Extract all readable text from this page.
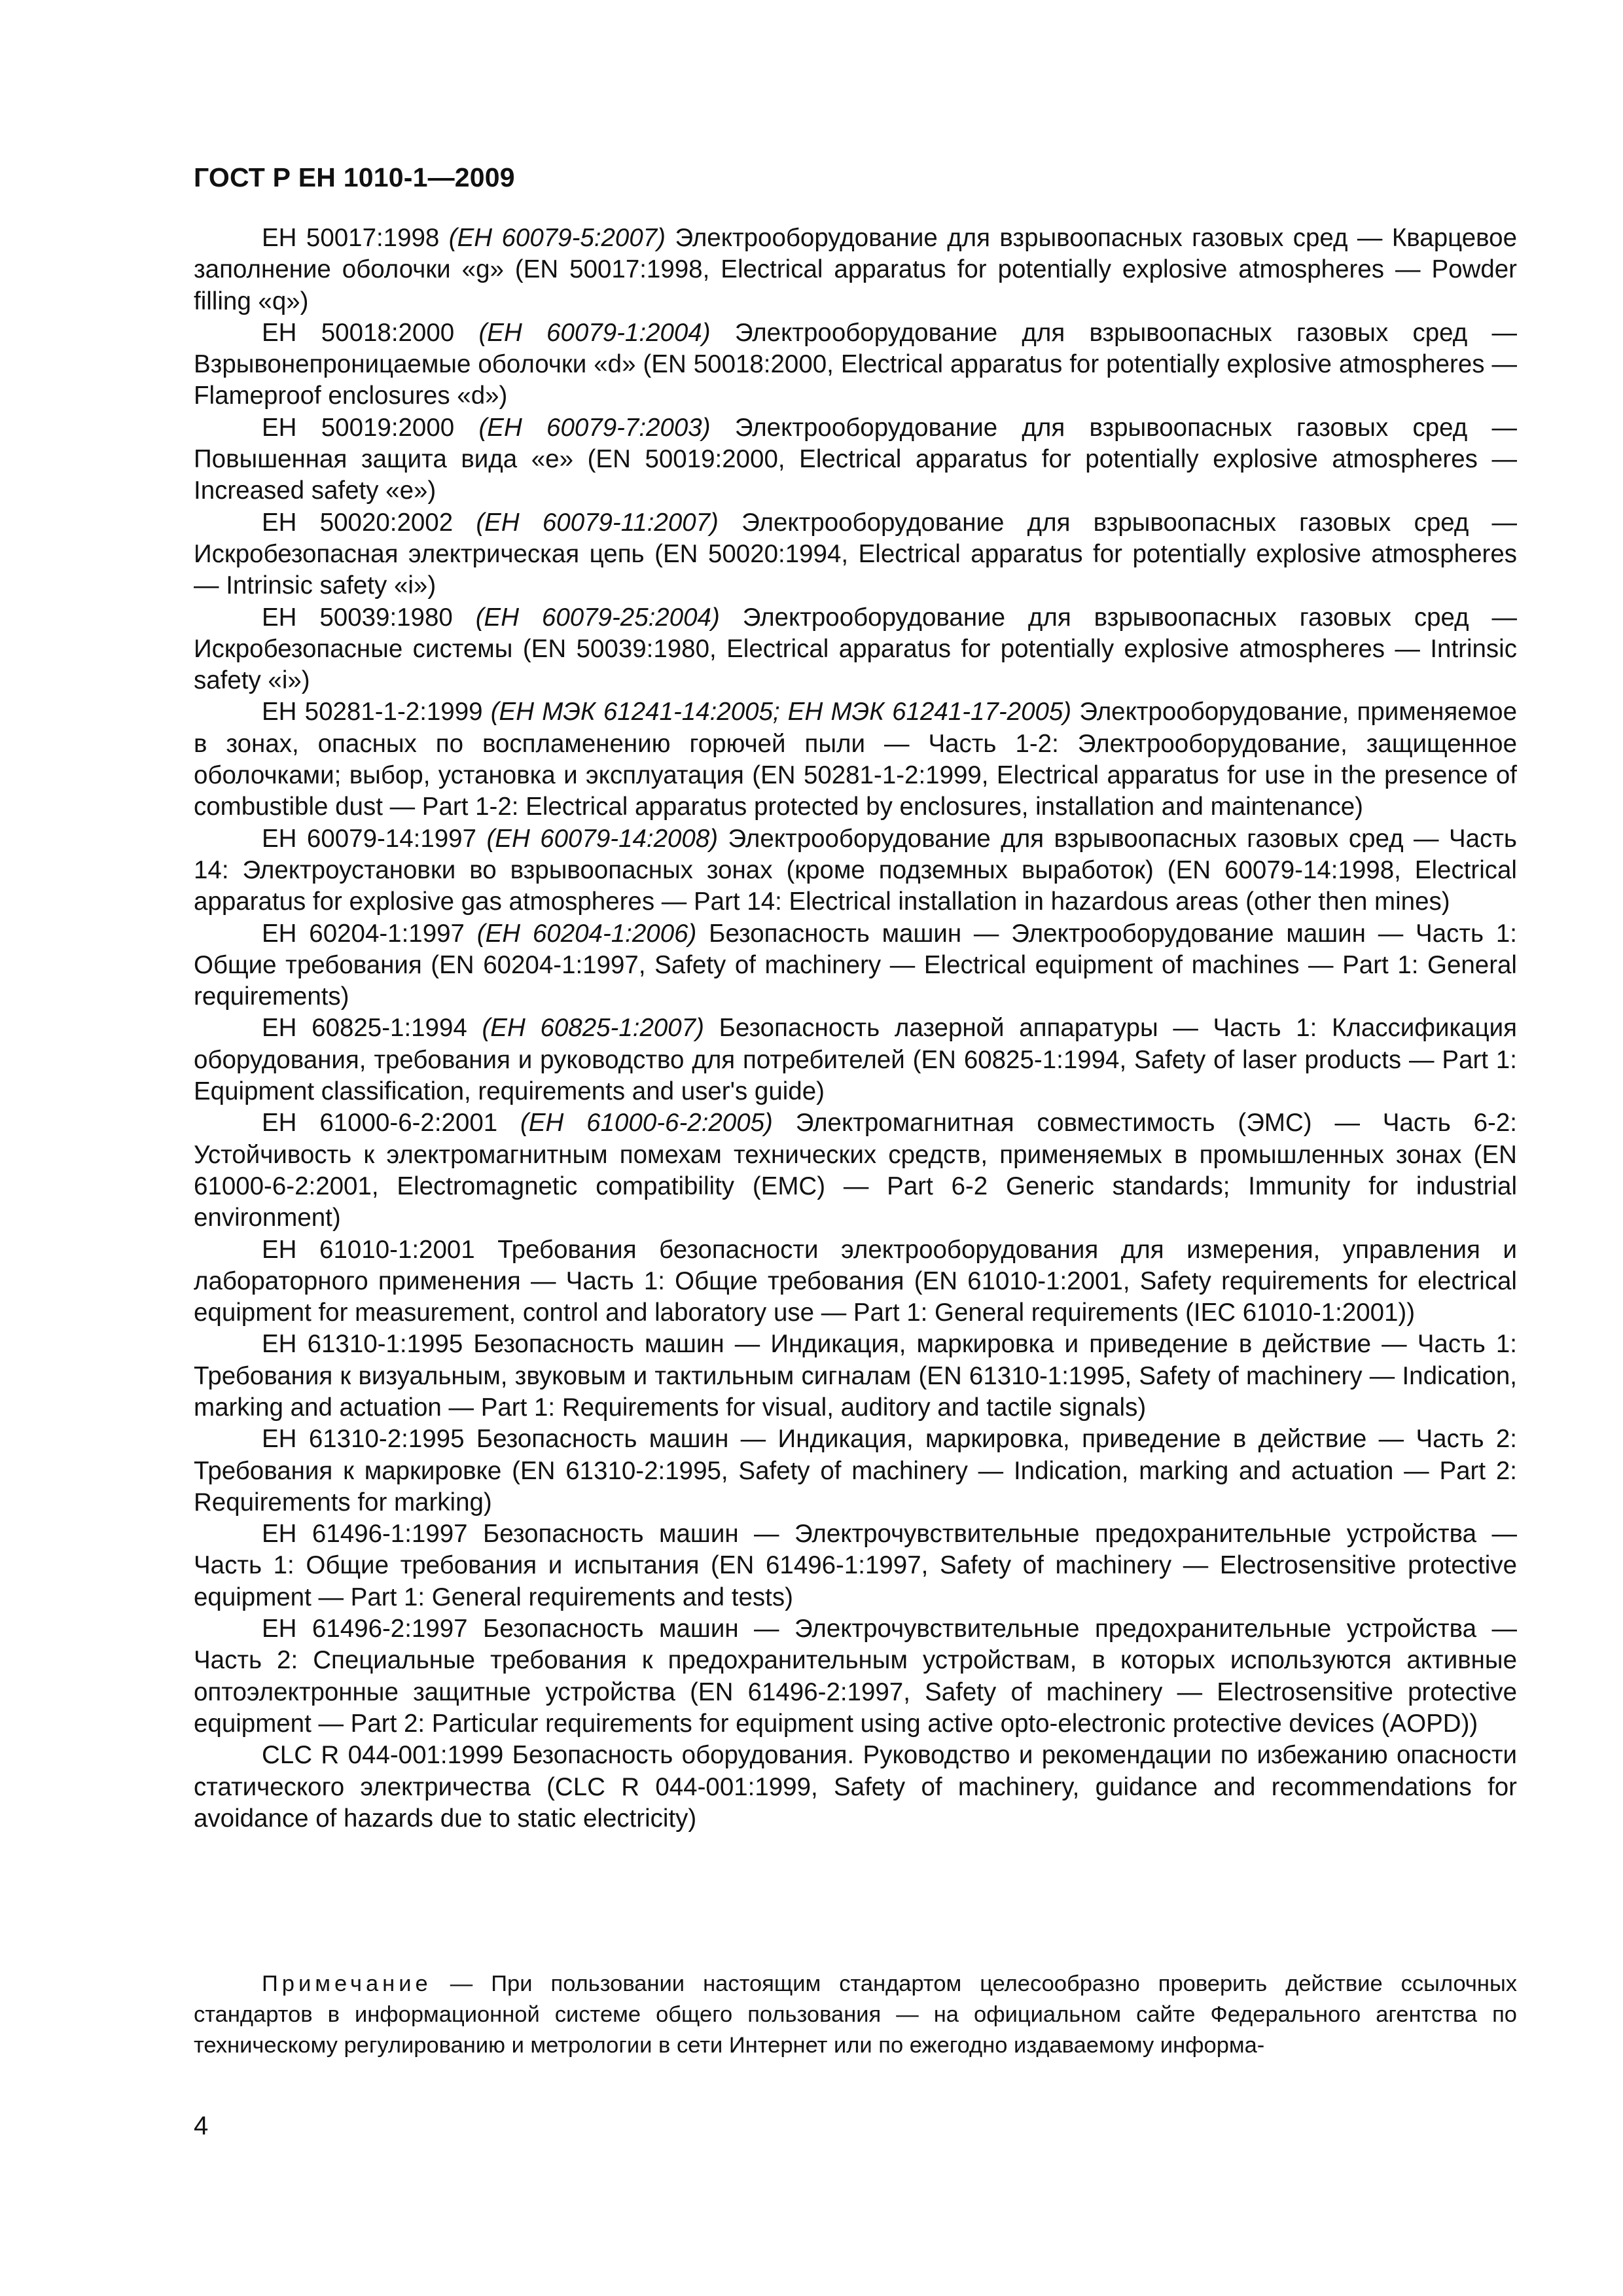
ГОСТ Р ЕН 1010-1—2009

ЕН 50017:1998 (ЕН 60079-5:2007) Электрооборудование для взрывоопасных газовых сред — Кварцевое заполнение оболочки «g» (EN 50017:1998, Electrical apparatus for potentially explosive atmospheres — Powder filling «q»)

ЕН 50018:2000 (ЕН 60079-1:2004) Электрооборудование для взрывоопасных газовых сред — Взрывонепроницаемые оболочки «d» (EN 50018:2000, Electrical apparatus for potentially explosive atmospheres — Flameproof enclosures «d»)

ЕН 50019:2000 (ЕН 60079-7:2003) Электрооборудование для взрывоопасных газовых сред — Повышенная защита вида «е» (EN 50019:2000, Electrical apparatus for potentially explosive atmospheres — Increased safety «e»)

ЕН 50020:2002 (ЕН 60079-11:2007) Электрооборудование для взрывоопасных газовых сред — Искробезопасная электрическая цепь (EN 50020:1994, Electrical apparatus for potentially explosive atmospheres — Intrinsic safety «i»)

ЕН 50039:1980 (ЕН 60079-25:2004) Электрооборудование для взрывоопасных газовых сред — Искробезопасные системы (EN 50039:1980, Electrical apparatus for potentially explosive atmospheres — Intrinsic safety «i»)

ЕН 50281-1-2:1999 (ЕН МЭК 61241-14:2005; ЕН МЭК 61241-17-2005) Электрооборудование, применяемое в зонах, опасных по воспламенению горючей пыли — Часть 1-2: Электрооборудование, защищенное оболочками; выбор, установка и эксплуатация (EN 50281-1-2:1999, Electrical apparatus for use in the presence of combustible dust — Part 1-2: Electrical apparatus protected by enclosures, installation and maintenance)

ЕН 60079-14:1997 (ЕН 60079-14:2008) Электрооборудование для взрывоопасных газовых сред — Часть 14: Электроустановки во взрывоопасных зонах (кроме подземных выработок) (EN 60079-14:1998, Electrical apparatus for explosive gas atmospheres — Part 14: Electrical installation in hazardous areas (other then mines)

ЕН 60204-1:1997 (ЕН 60204-1:2006) Безопасность машин — Электрооборудование машин — Часть 1: Общие требования (EN 60204-1:1997, Safety of machinery — Electrical equipment of machines — Part 1: General requirements)

ЕН 60825-1:1994 (ЕН 60825-1:2007) Безопасность лазерной аппаратуры — Часть 1: Классификация оборудования, требования и руководство для потребителей (EN 60825-1:1994, Safety of laser products — Part 1: Equipment classification, requirements and user's guide)

ЕН 61000-6-2:2001 (ЕН 61000-6-2:2005) Электромагнитная совместимость (ЭМС) — Часть 6-2: Устойчивость к электромагнитным помехам технических средств, применяемых в промышленных зонах (EN 61000-6-2:2001, Electromagnetic compatibility (EMC) — Part 6-2 Generic standards; Immunity for industrial environment)

ЕН 61010-1:2001 Требования безопасности электрооборудования для измерения, управления и лабораторного применения — Часть 1: Общие требования (EN 61010-1:2001, Safety requirements for electrical equipment for measurement, control and laboratory use — Part 1: General requirements (IEC 61010-1:2001))

ЕН 61310-1:1995 Безопасность машин — Индикация, маркировка и приведение в действие — Часть 1: Требования к визуальным, звуковым и тактильным сигналам (EN 61310-1:1995, Safety of machinery — Indication, marking and actuation — Part 1: Requirements for visual, auditory and tactile signals)

ЕН 61310-2:1995 Безопасность машин — Индикация, маркировка, приведение в действие — Часть 2: Требования к маркировке (EN 61310-2:1995, Safety of machinery — Indication, marking and actuation — Part 2: Requirements for marking)

ЕН 61496-1:1997 Безопасность машин — Электрочувствительные предохранительные устройства — Часть 1: Общие требования и испытания (EN 61496-1:1997, Safety of machinery — Electrosensitive protective equipment — Part 1: General requirements and tests)

ЕН 61496-2:1997 Безопасность машин — Электрочувствительные предохранительные устройства — Часть 2: Специальные требования к предохранительным устройствам, в которых используются активные оптоэлектронные защитные устройства (EN 61496-2:1997, Safety of machinery — Electrosensitive protective equipment — Part 2: Particular requirements for equipment using active opto-electronic protective devices (AOPD))

CLC R 044-001:1999 Безопасность оборудования. Руководство и рекомендации по избежанию опасности статического электричества (CLC R 044-001:1999, Safety of machinery, guidance and recommendations for avoidance of hazards due to static electricity)

Примечание — При пользовании настоящим стандартом целесообразно проверить действие ссылочных стандартов в информационной системе общего пользования — на официальном сайте Федерального агентства по техническому регулированию и метрологии в сети Интернет или по ежегодно издаваемому информа-

4
